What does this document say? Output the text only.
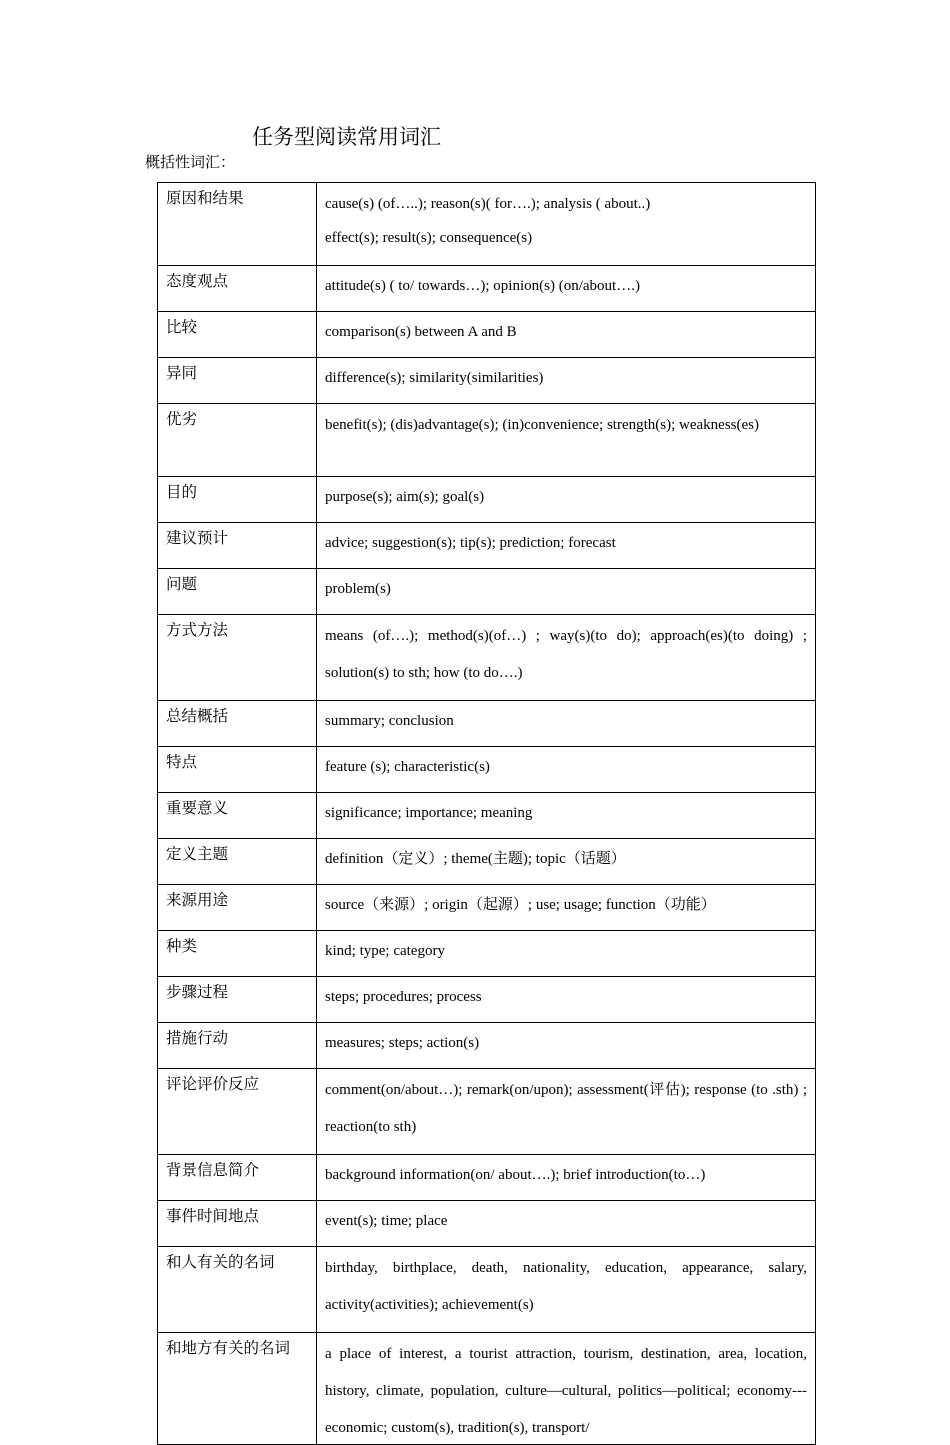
任务型阅读常用词汇
概括性词汇：
原因和结果	cause(s) (of…..); reason(s)( for….); analysis ( about..)
effect(s); result(s); consequence(s)

态度观点	attitude(s) ( to/ towards…); opinion(s) (on/about….)
比较	comparison(s) between A and B
异同	difference(s); similarity(similarities)
优劣	benefit(s); (dis)advantage(s); (in)convenience; strength(s); weakness(es)
目的	purpose(s); aim(s); goal(s)
建议预计	advice; suggestion(s); tip(s); prediction; forecast
问题	problem(s)
方式方法	means (of….); method(s)(of…) ; way(s)(to do); approach(es)(to doing) ; solution(s) to sth; how (to do….)
总结概括	summary; conclusion
特点	feature (s); characteristic(s)
重要意义	significance; importance; meaning
定义主题	definition（定义）; theme(主题); topic（话题）
来源用途	source（来源）; origin（起源）; use; usage; function（功能）
种类	kind; type; category
步骤过程	steps; procedures; process
措施行动	measures; steps; action(s)
评论评价反应	comment(on/about…); remark(on/upon); assessment(评估); response (to .sth) ; reaction(to sth)
背景信息简介	background information(on/ about….); brief introduction(to…)
事件时间地点	event(s); time; place
和人有关的名词	birthday, birthplace, death, nationality, education, appearance, salary, activity(activities); achievement(s)
和地方有关的名词	a place of interest, a tourist attraction, tourism, destination, area, location, history, climate, population, culture—cultural, politics—political; economy---economic; custom(s), tradition(s), transport/
